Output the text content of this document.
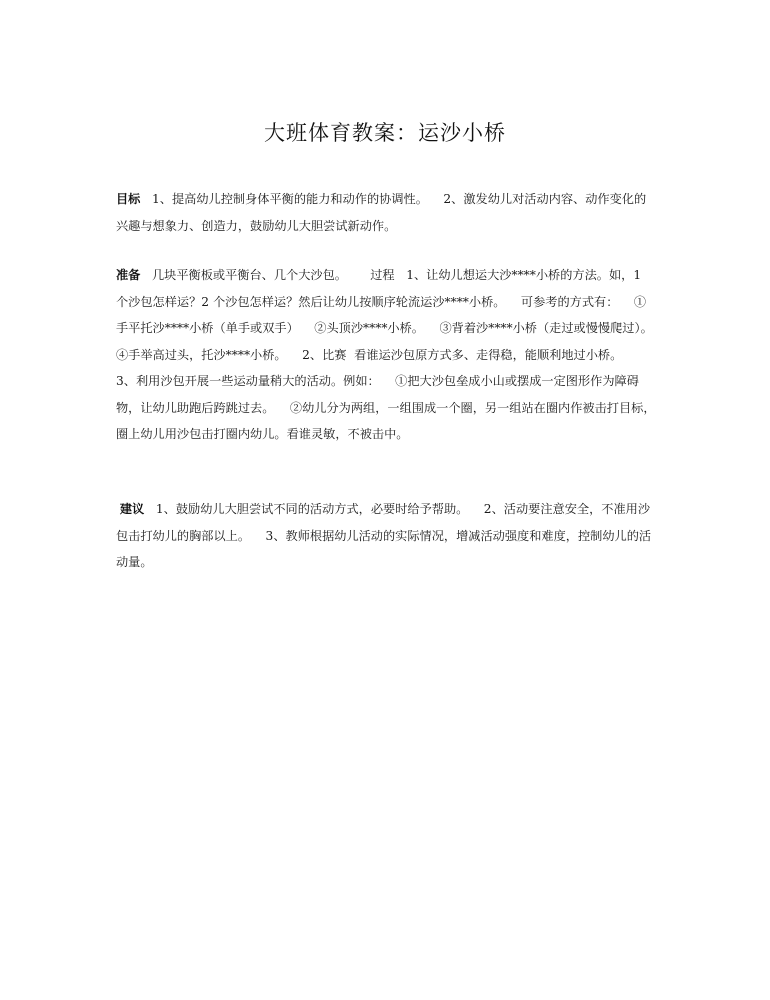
大班体育教案：运沙小桥

目标   1、提高幼儿控制身体平衡的能力和动作的协调性。    2、激发幼儿对活动内容、动作变化的兴趣与想象力、创造力，鼓励幼儿大胆尝试新动作。

准备   几块平衡板或平衡台、几个大沙包。      过程   1、让幼儿想运大沙****小桥的方法。如，1 个沙包怎样运？2 个沙包怎样运？然后让幼儿按顺序轮流运沙****小桥。    可参考的方式有：    ①手平托沙****小桥（单手或双手）    ②头顶沙****小桥。    ③背着沙****小桥（走过或慢慢爬过）。    ④手举高过头，托沙****小桥。    2、比赛  看谁运沙包原方式多、走得稳，能顺利地过小桥。    3、利用沙包开展一些运动量稍大的活动。例如：    ①把大沙包垒成小山或摆成一定图形作为障碍物，让幼儿助跑后跨跳过去。    ②幼儿分为两组，一组围成一个圈，另一组站在圈内作被击打目标，圈上幼儿用沙包击打圈内幼儿。看谁灵敏，不被击中。

建议   1、鼓励幼儿大胆尝试不同的活动方式，必要时给予帮助。    2、活动要注意安全，不准用沙包击打幼儿的胸部以上。    3、教师根据幼儿活动的实际情况，增减活动强度和难度，控制幼儿的活动量。
